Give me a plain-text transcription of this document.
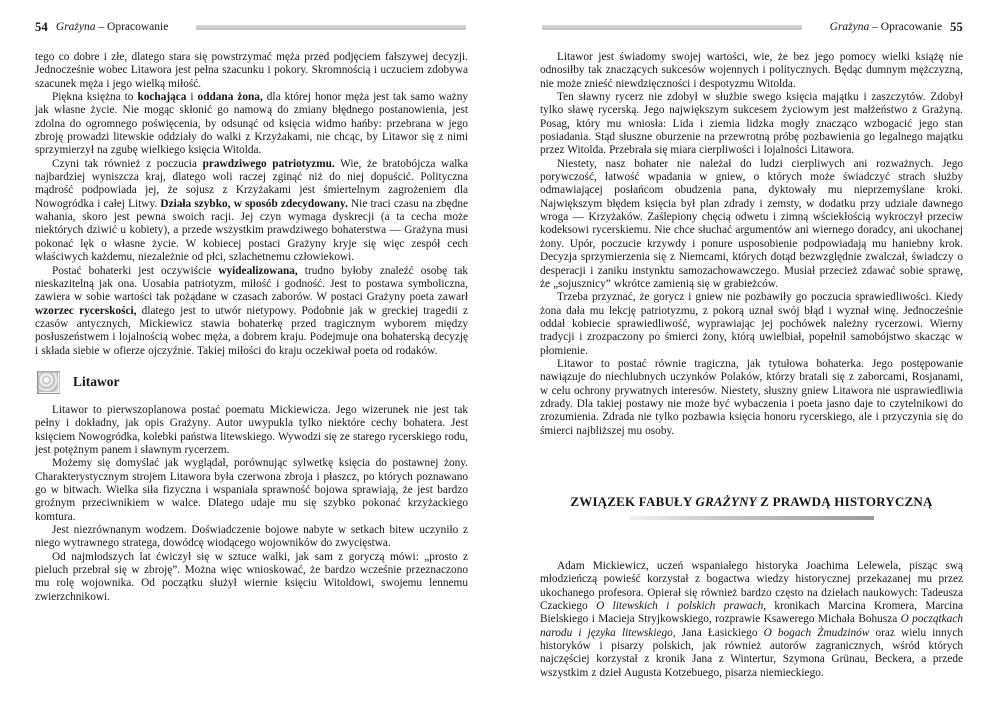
54 Grażyna – Opracowanie

tego co dobre i złe, dlatego stara się powstrzymać męża przed podjęciem fałszywej decyzji. Jednocześnie wobec Litawora jest pełna szacunku i pokory. Skromnością i uczuciem zdobywa szacunek męża i jego wielką miłość.

Piękna księżna to kochająca i oddana żona, dla której honor męża jest tak samo ważny jak własne życie. Nie mogąc skłonić go namową do zmiany błędnego postanowienia, jest zdolna do ogromnego poświęcenia, by odsunąć od księcia widmo hańby: przebrana w jego zbroję prowadzi litewskie oddziały do walki z Krzyżakami, nie chcąc, by Litawor się z nimi sprzymierzył na zgubę wielkiego księcia Witolda.

Czyni tak również z poczucia prawdziwego patriotyzmu. Wie, że bratobójcza walka najbardziej wyniszcza kraj, dlatego woli raczej zginąć niż do niej dopuścić. Polityczna mądrość podpowiada jej, że sojusz z Krzyżakami jest śmiertelnym zagrożeniem dla Nowogródka i całej Litwy. Działa szybko, w sposób zdecydowany. Nie traci czasu na zbędne wahania, skoro jest pewna swoich racji. Jej czyn wymaga dyskrecji (a ta cecha może niektórych dziwić u kobiety), a przede wszystkim prawdziwego bohaterstwa — Grażyna musi pokonać lęk o własne życie. W kobiecej postaci Grażyny kryje się więc zespół cech właściwych każdemu, niezależnie od płci, szlachetnemu człowiekowi.

Postać bohaterki jest oczywiście wyidealizowana, trudno byłoby znaleźć osobę tak nieskazitelną jak ona. Uosabia patriotyzm, miłość i godność. Jest to postawa symboliczna, zawiera w sobie wartości tak pożądane w czasach zaborów. W postaci Grażyny poeta zawarł wzorzec rycerskości, dlatego jest to utwór nietypowy. Podobnie jak w greckiej tragedii z czasów antycznych, Mickiewicz stawia bohaterkę przed tragicznym wyborem między posłuszeństwem i lojalnością wobec męża, a dobrem kraju. Podejmuje ona bohaterską decyzję i składa siebie w ofierze ojczyźnie. Takiej miłości do kraju oczekiwał poeta od rodaków.

Litawor

Litawor to pierwszoplanowa postać poematu Mickiewicza. Jego wizerunek nie jest tak pełny i dokładny, jak opis Grażyny. Autor uwypukla tylko niektóre cechy bohatera. Jest księciem Nowogródka, kolebki państwa litewskiego. Wywodzi się ze starego rycerskiego rodu, jest potężnym panem i sławnym rycerzem.

Możemy się domyślać jak wyglądał, porównując sylwetkę księcia do postawnej żony. Charakterystycznym strojem Litawora była czerwona zbroja i płaszcz, po których poznawano go w bitwach. Wielka siła fizyczna i wspaniała sprawność bojowa sprawiają, że jest bardzo groźnym przeciwnikiem w walce. Dlatego udaje mu się szybko pokonać krzyżackiego komtura.

Jest niezrównanym wodzem. Doświadczenie bojowe nabyte w setkach bitew uczyniło z niego wytrawnego stratega, dowódcę wiodącego wojowników do zwycięstwa.

Od najmłodszych lat ćwiczył się w sztuce walki, jak sam z goryczą mówi: „prosto z pieluch przebrał się w zbroję”. Można więc wnioskować, że bardzo wcześnie przeznaczono mu rolę wojownika. Od początku służył wiernie księciu Witoldowi, swojemu lennemu zwierzchnikowi.

Grażyna – Opracowanie 55

Litawor jest świadomy swojej wartości, wie, że bez jego pomocy wielki książę nie odnosiłby tak znaczących sukcesów wojennych i politycznych. Będąc dumnym mężczyzną, nie może znieść niewdzięczności i despotyzmu Witolda.

Ten sławny rycerz nie zdobył w służbie swego księcia majątku i zaszczytów. Zdobył tylko sławę rycerską. Jego największym sukcesem życiowym jest małżeństwo z Grażyną. Posag, który mu wniosła: Lida i ziemia lidzka mogły znacząco wzbogacić jego stan posiadania. Stąd słuszne oburzenie na przewrotną próbę pozbawienia go legalnego majątku przez Witolda. Przebrała się miara cierpliwości i lojalności Litawora.

Niestety, nasz bohater nie należał do ludzi cierpliwych ani rozważnych. Jego porywczość, łatwość wpadania w gniew, o których może świadczyć strach służby odmawiającej posłańcom obudzenia pana, dyktowały mu nieprzemyślane kroki. Największym błędem księcia był plan zdrady i zemsty, w dodatku przy udziale dawnego wroga — Krzyżaków. Zaślepiony chęcią odwetu i zimną wściekłością wykroczył przeciw kodeksowi rycerskiemu. Nie chce słuchać argumentów ani wiernego doradcy, ani ukochanej żony. Upór, poczucie krzywdy i ponure usposobienie podpowiadają mu haniebny krok. Decyzja sprzymierzenia się z Niemcami, których dotąd bezwzględnie zwalczał, świadczy o desperacji i zaniku instynktu samozachowawczego. Musiał przecież zdawać sobie sprawę, że „sojusznicy” wkrótce zamienią się w grabieżców.

Trzeba przyznać, że gorycz i gniew nie pozbawiły go poczucia sprawiedliwości. Kiedy żona dała mu lekcję patriotyzmu, z pokorą uznał swój błąd i wyznał winę. Jednocześnie oddał kobiecie sprawiedliwość, wyprawiając jej pochówek należny rycerzowi. Wierny tradycji i zrozpaczony po śmierci żony, którą uwielbiał, popełnił samobójstwo skacząc w płomienie.

Litawor to postać równie tragiczna, jak tytułowa bohaterka. Jego postępowanie nawiązuje do niechlubnych uczynków Polaków, którzy bratali się z zaborcami, Rosjanami, w celu ochrony prywatnych interesów. Niestety, słuszny gniew Litawora nie usprawiedliwia zdrady. Dla takiej postawy nie może być wybaczenia i poeta jasno daje to czytelnikowi do zrozumienia. Zdrada nie tylko pozbawia księcia honoru rycerskiego, ale i przyczynia się do śmierci najbliższej mu osoby.

ZWIĄZEK FABUŁY GRAŻYNY Z PRAWDĄ HISTORYCZNĄ

Adam Mickiewicz, uczeń wspaniałego historyka Joachima Lelewela, pisząc swą młodzieńczą powieść korzystał z bogactwa wiedzy historycznej przekazanej mu przez ukochanego profesora. Opierał się również bardzo często na dziełach naukowych: Tadeusza Czackiego O litewskich i polskich prawach, kronikach Marcina Kromera, Marcina Bielskiego i Macieja Stryjkowskiego, rozprawie Ksawerego Michała Bohusza O początkach narodu i języka litewskiego, Jana Łasickiego O bogach Żmudzinów oraz wielu innych historyków i pisarzy polskich, jak również autorów zagranicznych, wśród których najczęściej korzystał z kronik Jana z Wintertur, Szymona Grünau, Beckera, a przede wszystkim z dzieł Augusta Kotzebuego, pisarza niemieckiego.
